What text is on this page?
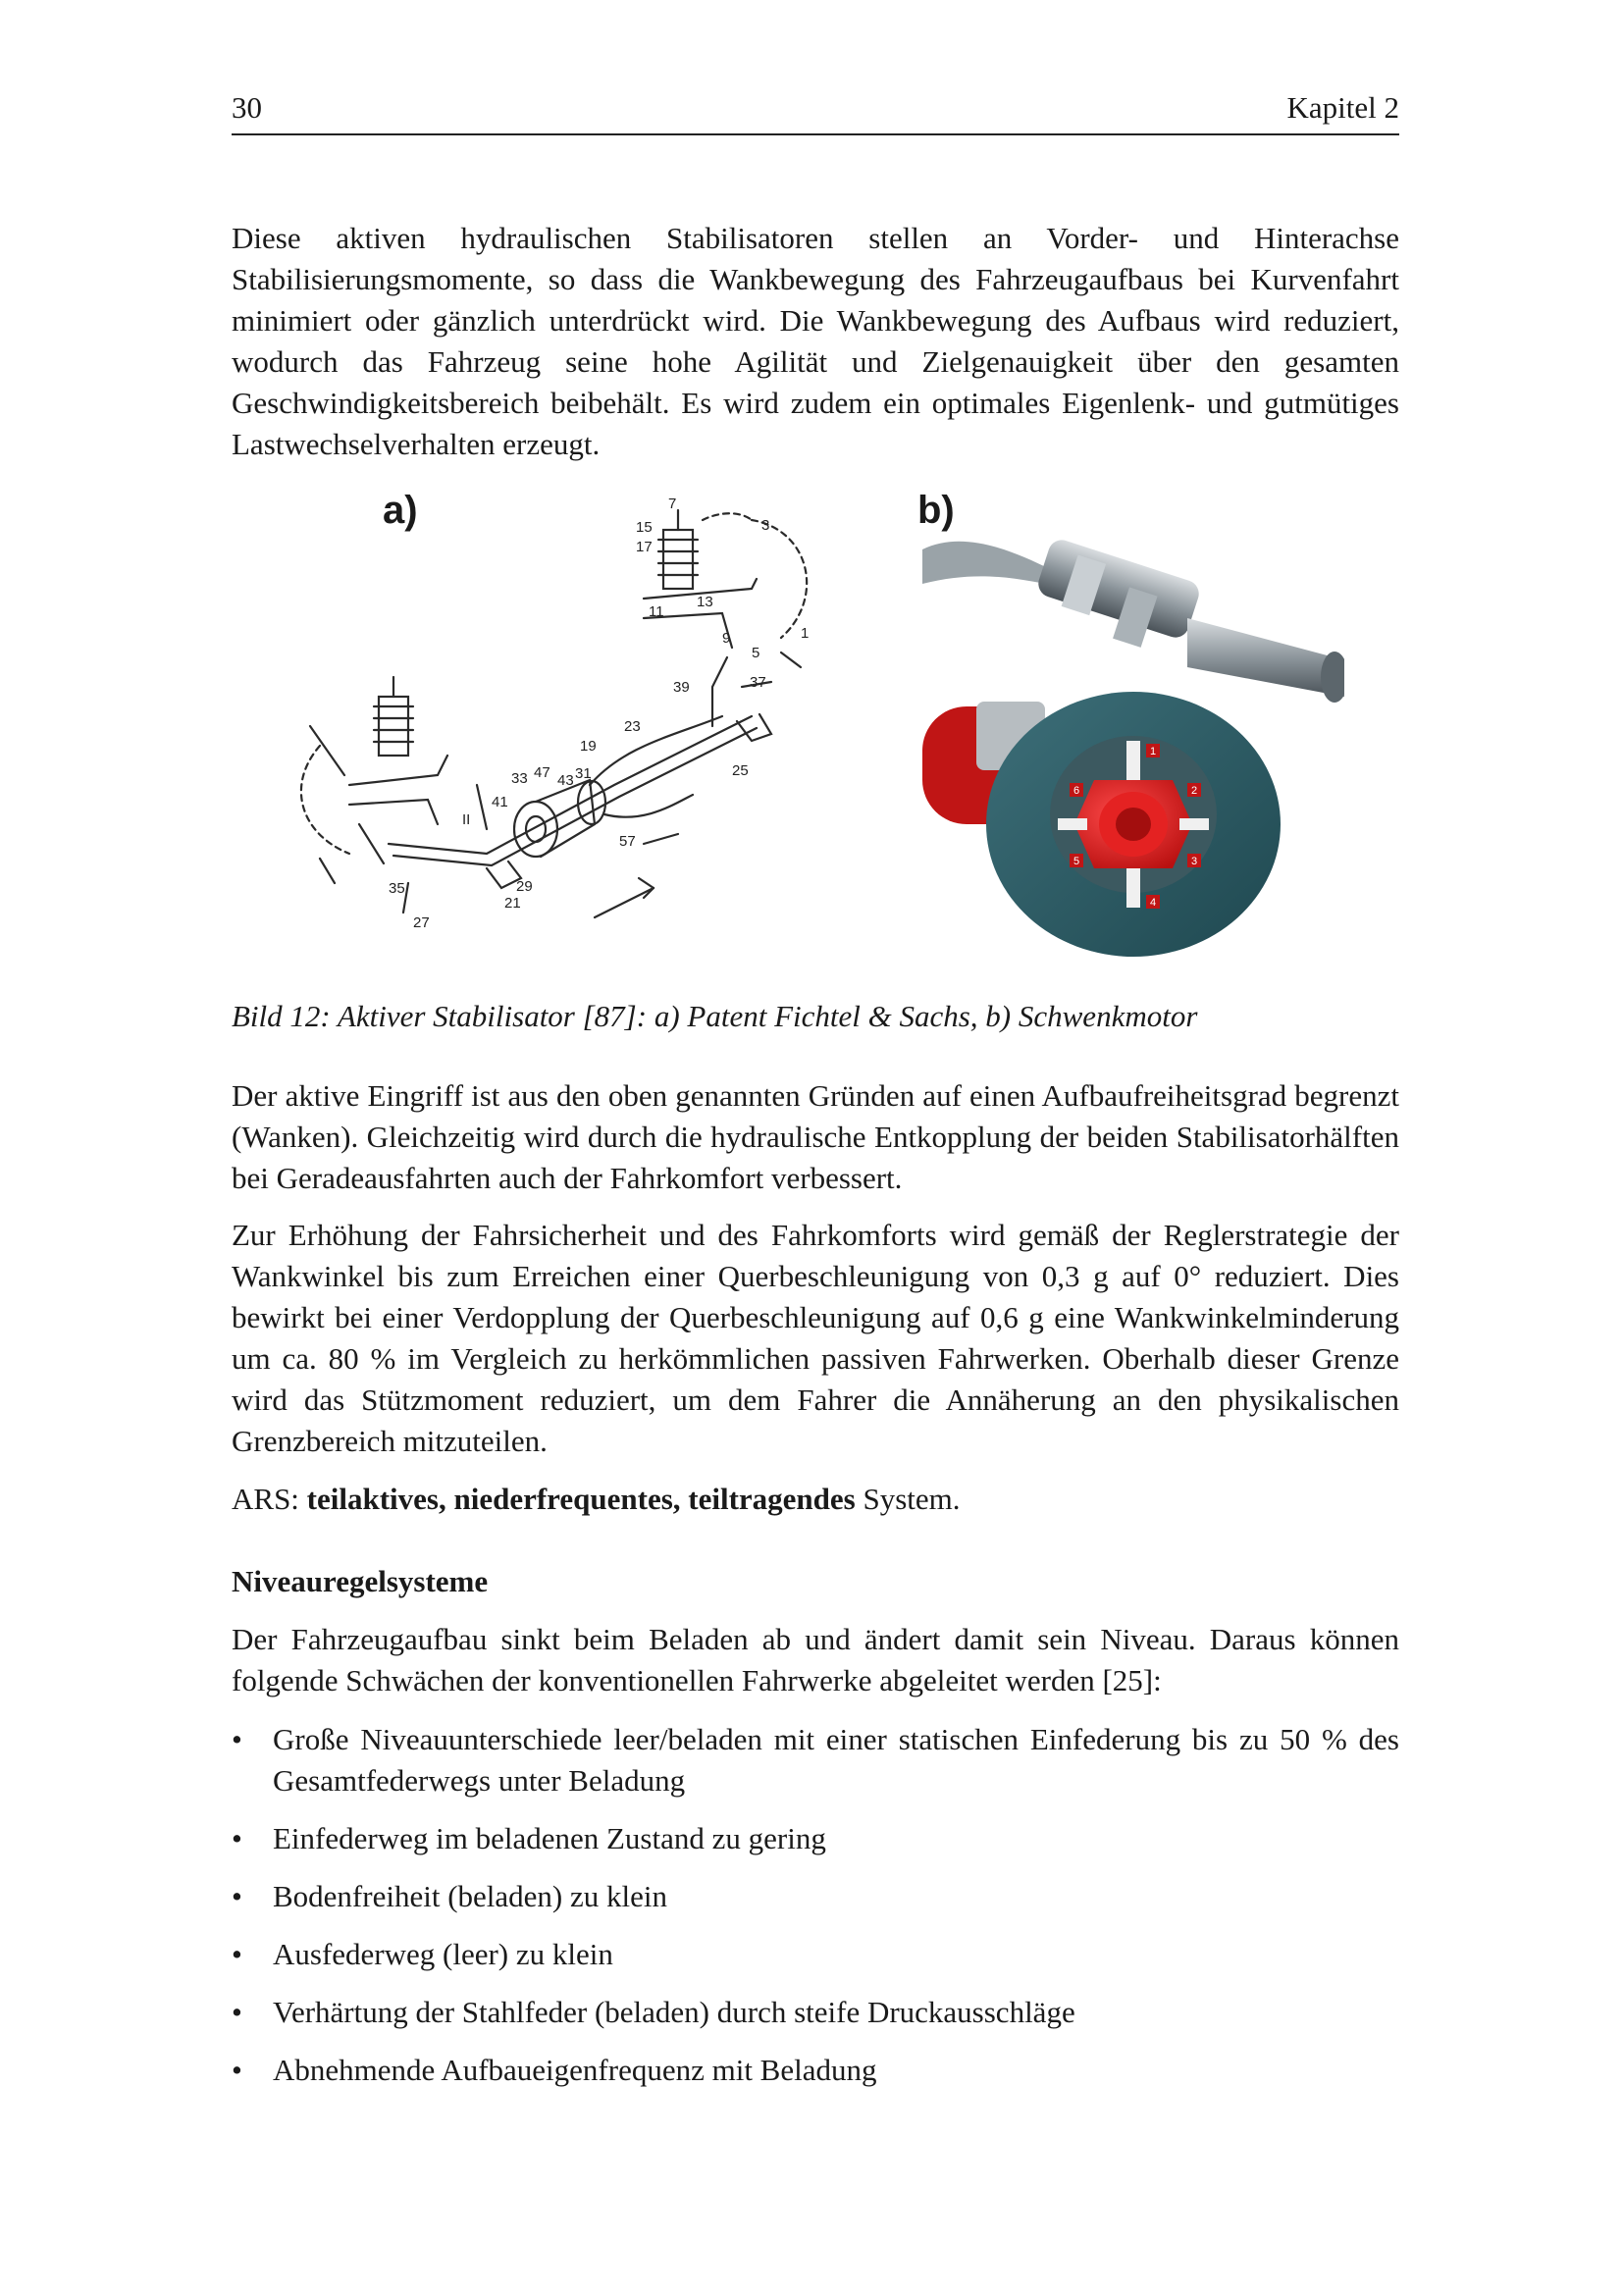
30	Kapitel 2
Diese aktiven hydraulischen Stabilisatoren stellen an Vorder- und Hinterachse Stabilisierungsmomente, so dass die Wankbewegung des Fahrzeugaufbaus bei Kurvenfahrt minimiert oder gänzlich unterdrückt wird. Die Wankbewegung des Aufbaus wird reduziert, wodurch das Fahrzeug seine hohe Agilität und Zielgenauigkeit über den gesamten Geschwindigkeitsbereich beibehält. Es wird zudem ein optimales Eigenlenk- und gutmütiges Lastwechselverhalten erzeugt.
a)	b)
7
15
17
3
11
13
1
5
9
39	37
23
19
33 47 43 31	25
41
II
57
35	29
21
27
1
2
3
4
5
6
Bild 12: Aktiver Stabilisator [87]: a) Patent Fichtel & Sachs, b) Schwenkmotor
Der aktive Eingriff ist aus den oben genannten Gründen auf einen Aufbaufreiheitsgrad begrenzt (Wanken). Gleichzeitig wird durch die hydraulische Entkopplung der beiden Stabilisatorhälften bei Geradeausfahrten auch der Fahrkomfort verbessert.
Zur Erhöhung der Fahrsicherheit und des Fahrkomforts wird gemäß der Reglerstrategie der Wankwinkel bis zum Erreichen einer Querbeschleunigung von 0,3 g auf 0° reduziert. Dies bewirkt bei einer Verdopplung der Querbeschleunigung auf 0,6 g eine Wankwinkelminderung um ca. 80 % im Vergleich zu herkömmlichen passiven Fahrwerken. Oberhalb dieser Grenze wird das Stützmoment reduziert, um dem Fahrer die Annäherung an den physikalischen Grenzbereich mitzuteilen.
ARS: teilaktives, niederfrequentes, teiltragendes System.
Niveauregelsysteme
Der Fahrzeugaufbau sinkt beim Beladen ab und ändert damit sein Niveau. Daraus können folgende Schwächen der konventionellen Fahrwerke abgeleitet werden [25]:
• Große Niveauunterschiede leer/beladen mit einer statischen Einfederung bis zu 50 % des Gesamtfederwegs unter Beladung
• Einfederweg im beladenen Zustand zu gering
• Bodenfreiheit (beladen) zu klein
• Ausfederweg (leer) zu klein
• Verhärtung der Stahlfeder (beladen) durch steife Druckausschläge
• Abnehmende Aufbaueigenfrequenz mit Beladung
